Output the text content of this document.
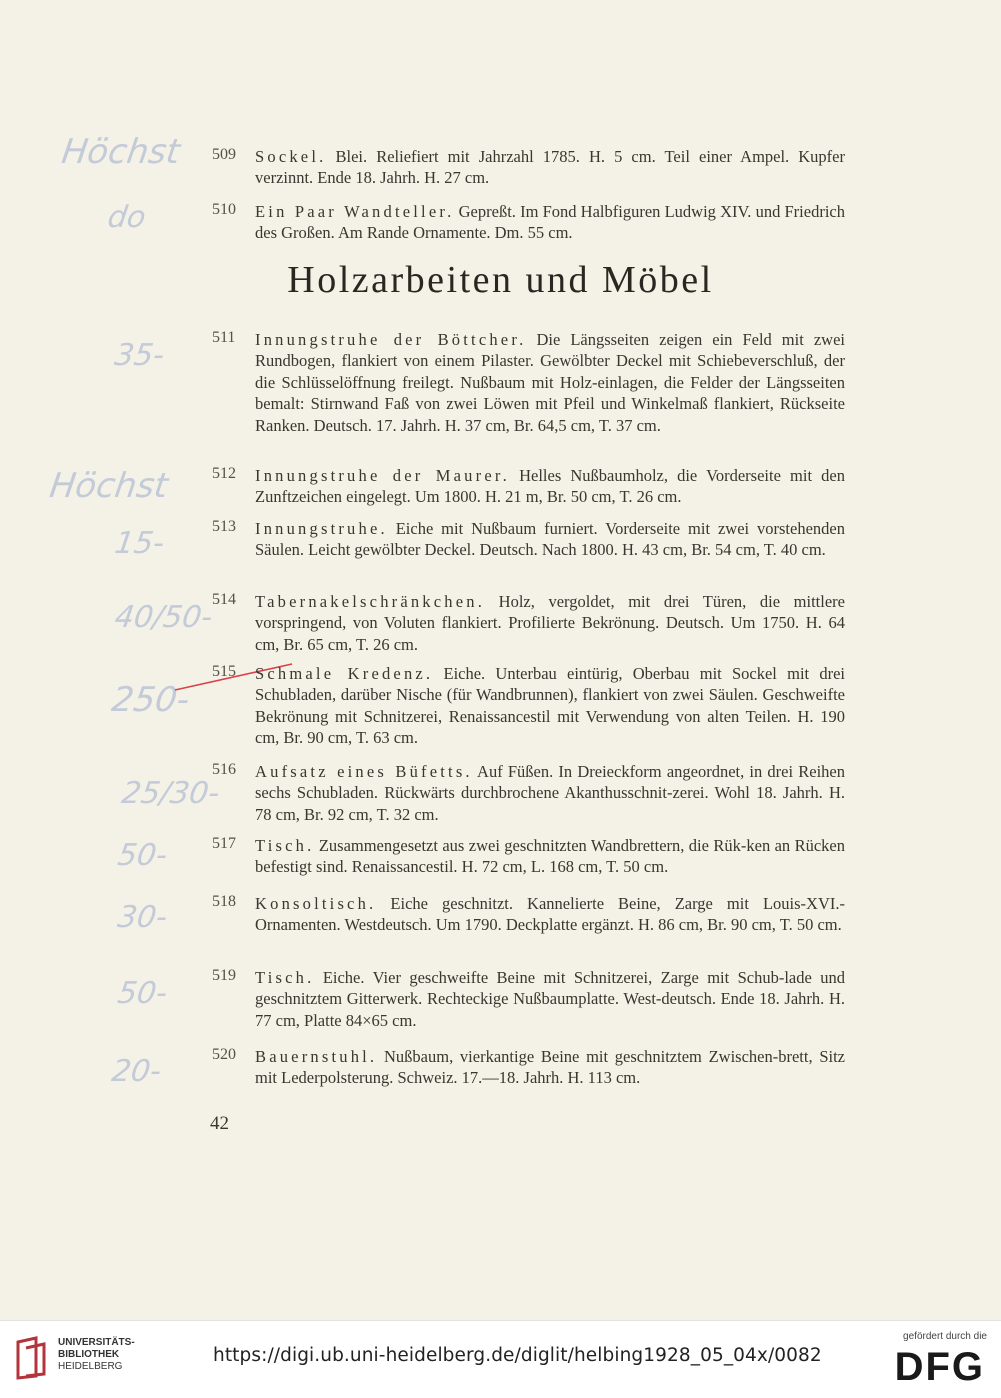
Höchst
do
35-
Höchst
15-
40/50-
250-
25/30-
50-
30-
50-
20-
509 Sockel. Blei. Reliefiert mit Jahrzahl 1785. H. 5 cm. Teil einer Ampel. Kupfer verzinnt. Ende 18. Jahrh. H. 27 cm.

510 Ein Paar Wandteller. Gepreßt. Im Fond Halbfiguren Ludwig XIV. und Friedrich des Großen. Am Rande Ornamente. Dm. 55 cm.

Holzarbeiten und Möbel
511 Innungstruhe der Böttcher. Die Längsseiten zeigen ein Feld mit zwei Rundbogen, flankiert von einem Pilaster. Gewölbter Deckel mit Schiebeverschluß, der die Schlüsselöffnung freilegt. Nußbaum mit Holz-einlagen, die Felder der Längsseiten bemalt: Stirnwand Faß von zwei Löwen mit Pfeil und Winkelmaß flankiert, Rückseite Ranken. Deutsch. 17. Jahrh. H. 37 cm, Br. 64,5 cm, T. 37 cm.

512 Innungstruhe der Maurer. Helles Nußbaumholz, die Vorderseite mit den Zunftzeichen eingelegt. Um 1800. H. 21 m, Br. 50 cm, T. 26 cm.

513 Innungstruhe. Eiche mit Nußbaum furniert. Vorderseite mit zwei vorstehenden Säulen. Leicht gewölbter Deckel. Deutsch. Nach 1800. H. 43 cm, Br. 54 cm, T. 40 cm.

514 Tabernakelschränkchen. Holz, vergoldet, mit drei Türen, die mittlere vorspringend, von Voluten flankiert. Profilierte Bekrönung. Deutsch. Um 1750. H. 64 cm, Br. 65 cm, T. 26 cm.

515 Schmale Kredenz. Eiche. Unterbau eintürig, Oberbau mit Sockel mit drei Schubladen, darüber Nische (für Wandbrunnen), flankiert von zwei Säulen. Geschweifte Bekrönung mit Schnitzerei, Renaissancestil mit Verwendung von alten Teilen. H. 190 cm, Br. 90 cm, T. 63 cm.

516 Aufsatz eines Büfetts. Auf Füßen. In Dreieckform angeordnet, in drei Reihen sechs Schubladen. Rückwärts durchbrochene Akanthusschnit-zerei. Wohl 18. Jahrh. H. 78 cm, Br. 92 cm, T. 32 cm.

517 Tisch. Zusammengesetzt aus zwei geschnitzten Wandbrettern, die Rük-ken an Rücken befestigt sind. Renaissancestil. H. 72 cm, L. 168 cm, T. 50 cm.

518 Konsoltisch. Eiche geschnitzt. Kannelierte Beine, Zarge mit Louis-XVI.-Ornamenten. Westdeutsch. Um 1790. Deckplatte ergänzt. H. 86 cm, Br. 90 cm, T. 50 cm.

519 Tisch. Eiche. Vier geschweifte Beine mit Schnitzerei, Zarge mit Schub-lade und geschnitztem Gitterwerk. Rechteckige Nußbaumplatte. West-deutsch. Ende 18. Jahrh. H. 77 cm, Platte 84×65 cm.

520 Bauernstuhl. Nußbaum, vierkantige Beine mit geschnitztem Zwischen-brett, Sitz mit Lederpolsterung. Schweiz. 17.—18. Jahrh. H. 113 cm.

42
UNIVERSITÄTS-
BIBLIOTHEK
HEIDELBERG
https://digi.ub.uni-heidelberg.de/diglit/helbing1928_05_04x/0082
gefördert durch die
DFG
